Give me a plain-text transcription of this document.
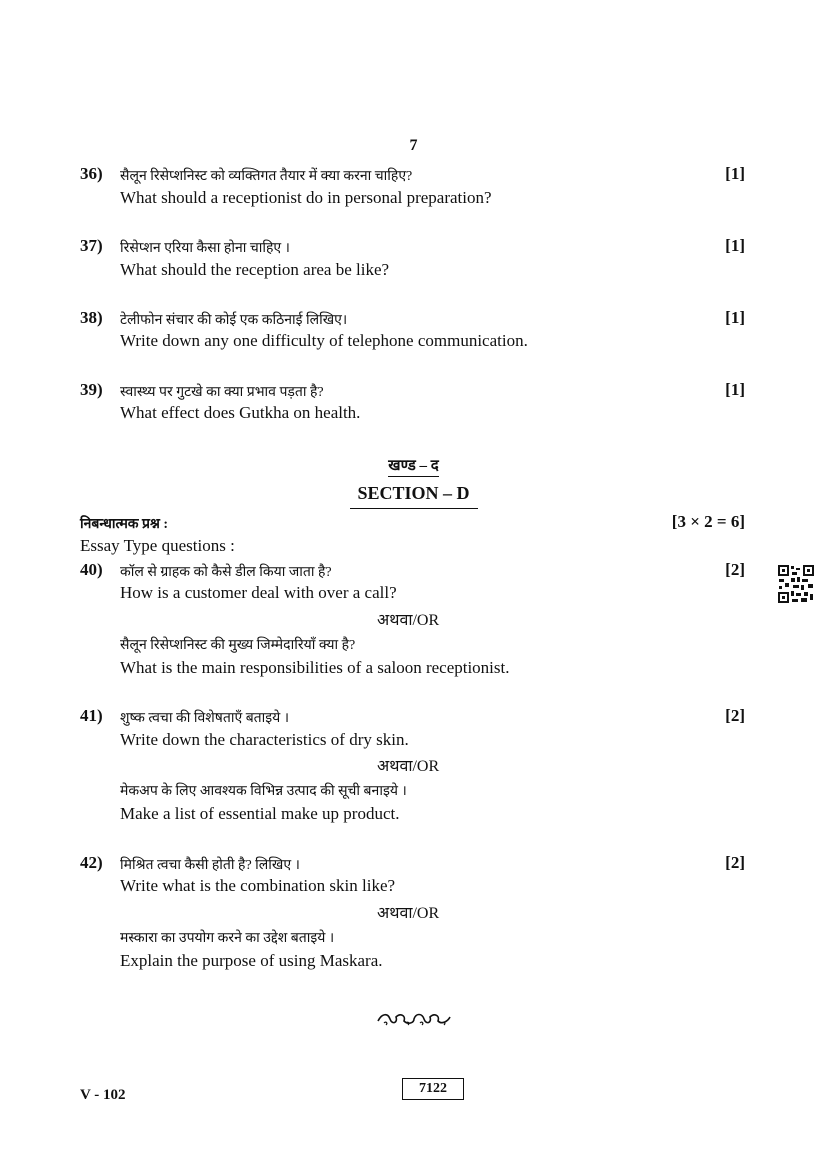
7
36) सैलून रिसेप्शनिस्ट को व्यक्तिगत तैयार में क्या करना चाहिए?	[1]
What should a receptionist do in personal preparation?
37) रिसेप्शन एरिया कैसा होना चाहिए ।	[1]
What should the reception area be like?
38) टेलीफोन संचार की कोई एक कठिनाई लिखिए।	[1]
Write down any one difficulty of telephone communication.
39) स्वास्थ्य पर गुटखे का क्या प्रभाव पड़ता है?	[1]
What effect does Gutkha on health.
खण्ड – द
SECTION – D
निबन्धात्मक प्रश्न :	[3 × 2 = 6]
Essay Type questions :
40) कॉल से ग्राहक को कैसे डील किया जाता है?	[2]
How is a customer deal with over a call?
अथवा/OR
सैलून रिसेप्शनिस्ट की मुख्य जिम्मेदारियाँ क्या है?
What is the main responsibilities of a saloon receptionist.
41) शुष्क त्वचा की विशेषताएँ बताइये ।	[2]
Write down the characteristics of dry skin.
अथवा/OR
मेकअप के लिए आवश्यक विभिन्न उत्पाद की सूची बनाइये ।
Make a list of essential make up product.
42) मिश्रित त्वचा कैसी होती है? लिखिए ।	[2]
Write what is the combination skin like?
अथवा/OR
मस्कारा का उपयोग करने का उद्देश बताइये ।
Explain the purpose of using Maskara.
V - 102	7122
